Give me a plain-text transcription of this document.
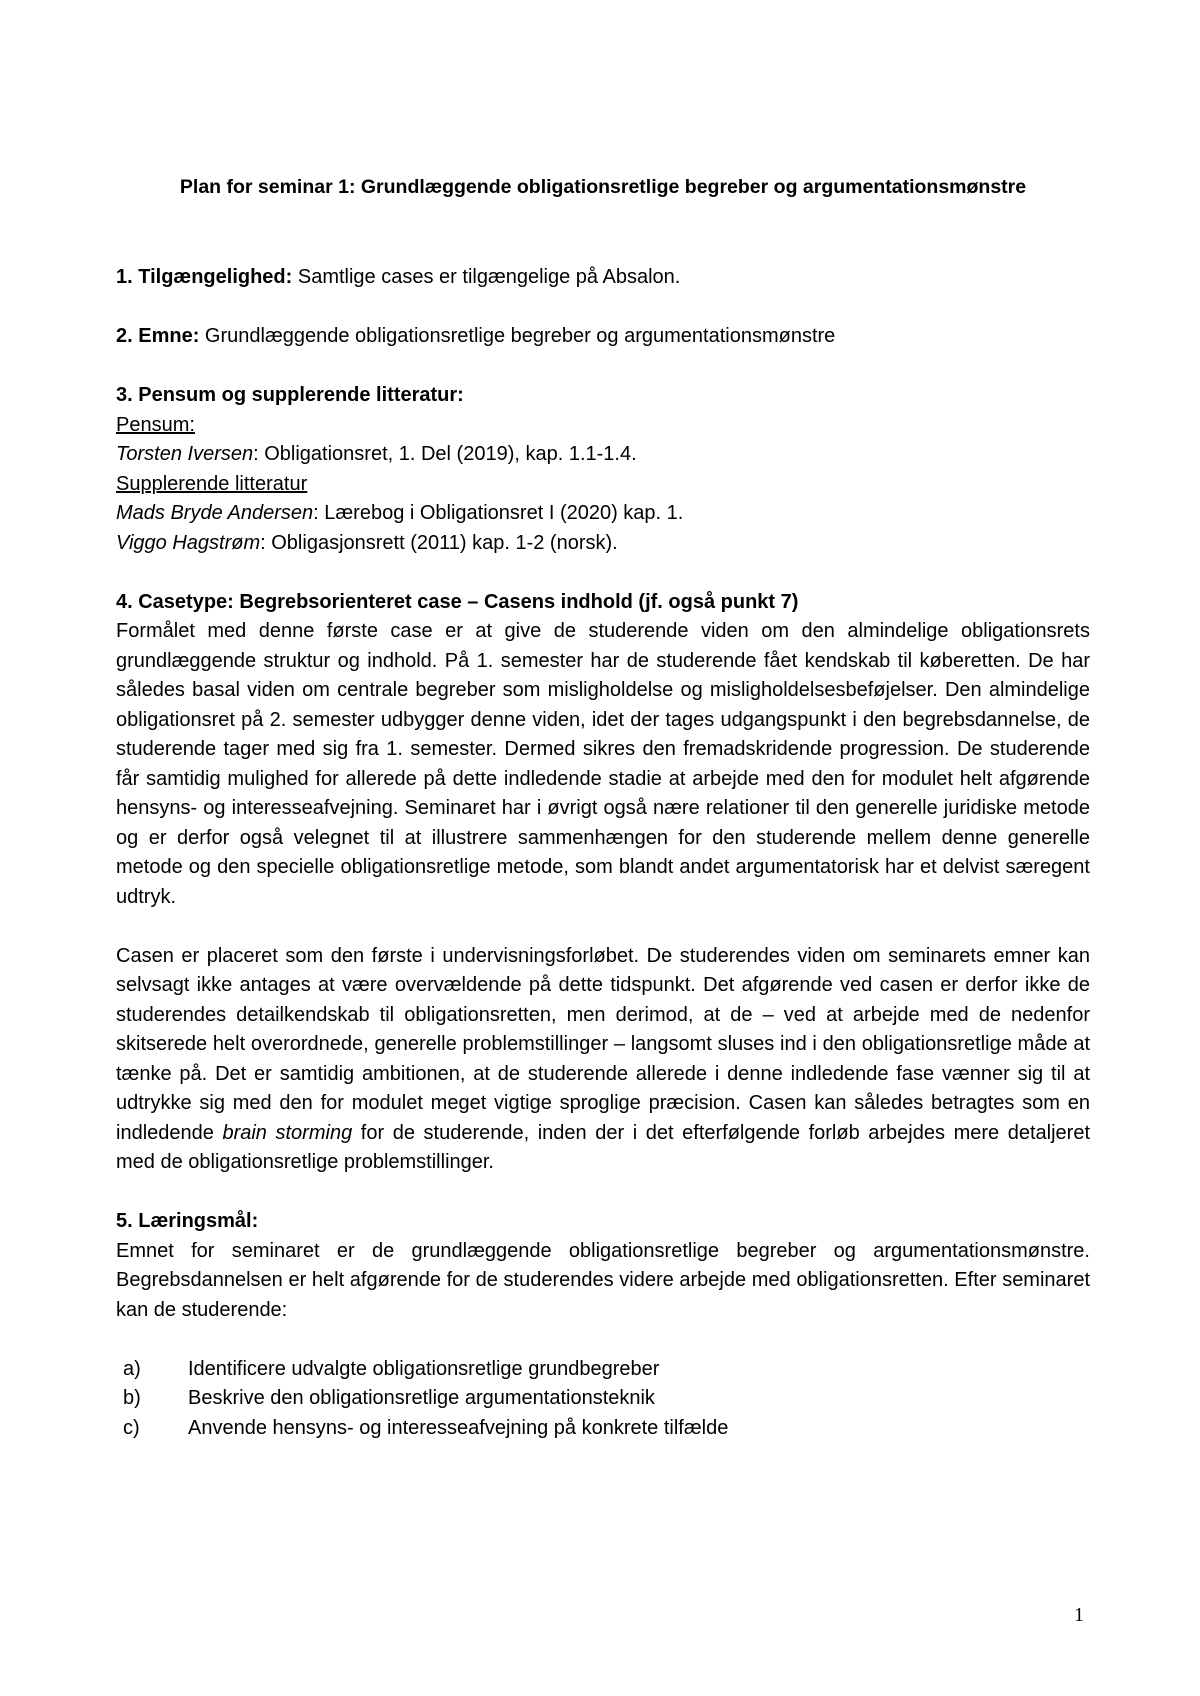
Plan for seminar 1: Grundlæggende obligationsretlige begreber og argumentationsmønstre

1. Tilgængelighed: Samtlige cases er tilgængelige på Absalon.

2. Emne: Grundlæggende obligationsretlige begreber og argumentationsmønstre

3. Pensum og supplerende litteratur:

Pensum:

Torsten Iversen: Obligationsret, 1. Del (2019), kap. 1.1-1.4.

Supplerende litteratur

Mads Bryde Andersen: Lærebog i Obligationsret I (2020) kap. 1.

Viggo Hagstrøm: Obligasjonsrett (2011) kap. 1-2 (norsk).

4. Casetype: Begrebsorienteret case – Casens indhold (jf. også punkt 7)

Formålet med denne første case er at give de studerende viden om den almindelige obligationsrets grundlæggende struktur og indhold. På 1. semester har de studerende fået kendskab til køberetten. De har således basal viden om centrale begreber som misligholdelse og misligholdelsesbeføjelser. Den almindelige obligationsret på 2. semester udbygger denne viden, idet der tages udgangspunkt i den begrebsdannelse, de studerende tager med sig fra 1. semester. Dermed sikres den fremadskridende progression. De studerende får samtidig mulighed for allerede på dette indledende stadie at arbejde med den for modulet helt afgørende hensyns- og interesseafvejning. Seminaret har i øvrigt også nære relationer til den generelle juridiske metode og er derfor også velegnet til at illustrere sammenhængen for den studerende mellem denne generelle metode og den specielle obligationsretlige metode, som blandt andet argumentatorisk har et delvist særegent udtryk.

Casen er placeret som den første i undervisningsforløbet. De studerendes viden om seminarets emner kan selvsagt ikke antages at være overvældende på dette tidspunkt. Det afgørende ved casen er derfor ikke de studerendes detailkendskab til obligationsretten, men derimod, at de – ved at arbejde med de nedenfor skitserede helt overordnede, generelle problemstillinger – langsomt sluses ind i den obligationsretlige måde at tænke på. Det er samtidig ambitionen, at de studerende allerede i denne indledende fase vænner sig til at udtrykke sig med den for modulet meget vigtige sproglige præcision. Casen kan således betragtes som en indledende brain storming for de studerende, inden der i det efterfølgende forløb arbejdes mere detaljeret med de obligationsretlige problemstillinger.

5. Læringsmål:

Emnet for seminaret er de grundlæggende obligationsretlige begreber og argumentationsmønstre. Begrebsdannelsen er helt afgørende for de studerendes videre arbejde med obligationsretten. Efter seminaret kan de studerende:

a)	Identificere udvalgte obligationsretlige grundbegreber
b)	Beskrive den obligationsretlige argumentationsteknik
c)	Anvende hensyns- og interesseafvejning på konkrete tilfælde
1
